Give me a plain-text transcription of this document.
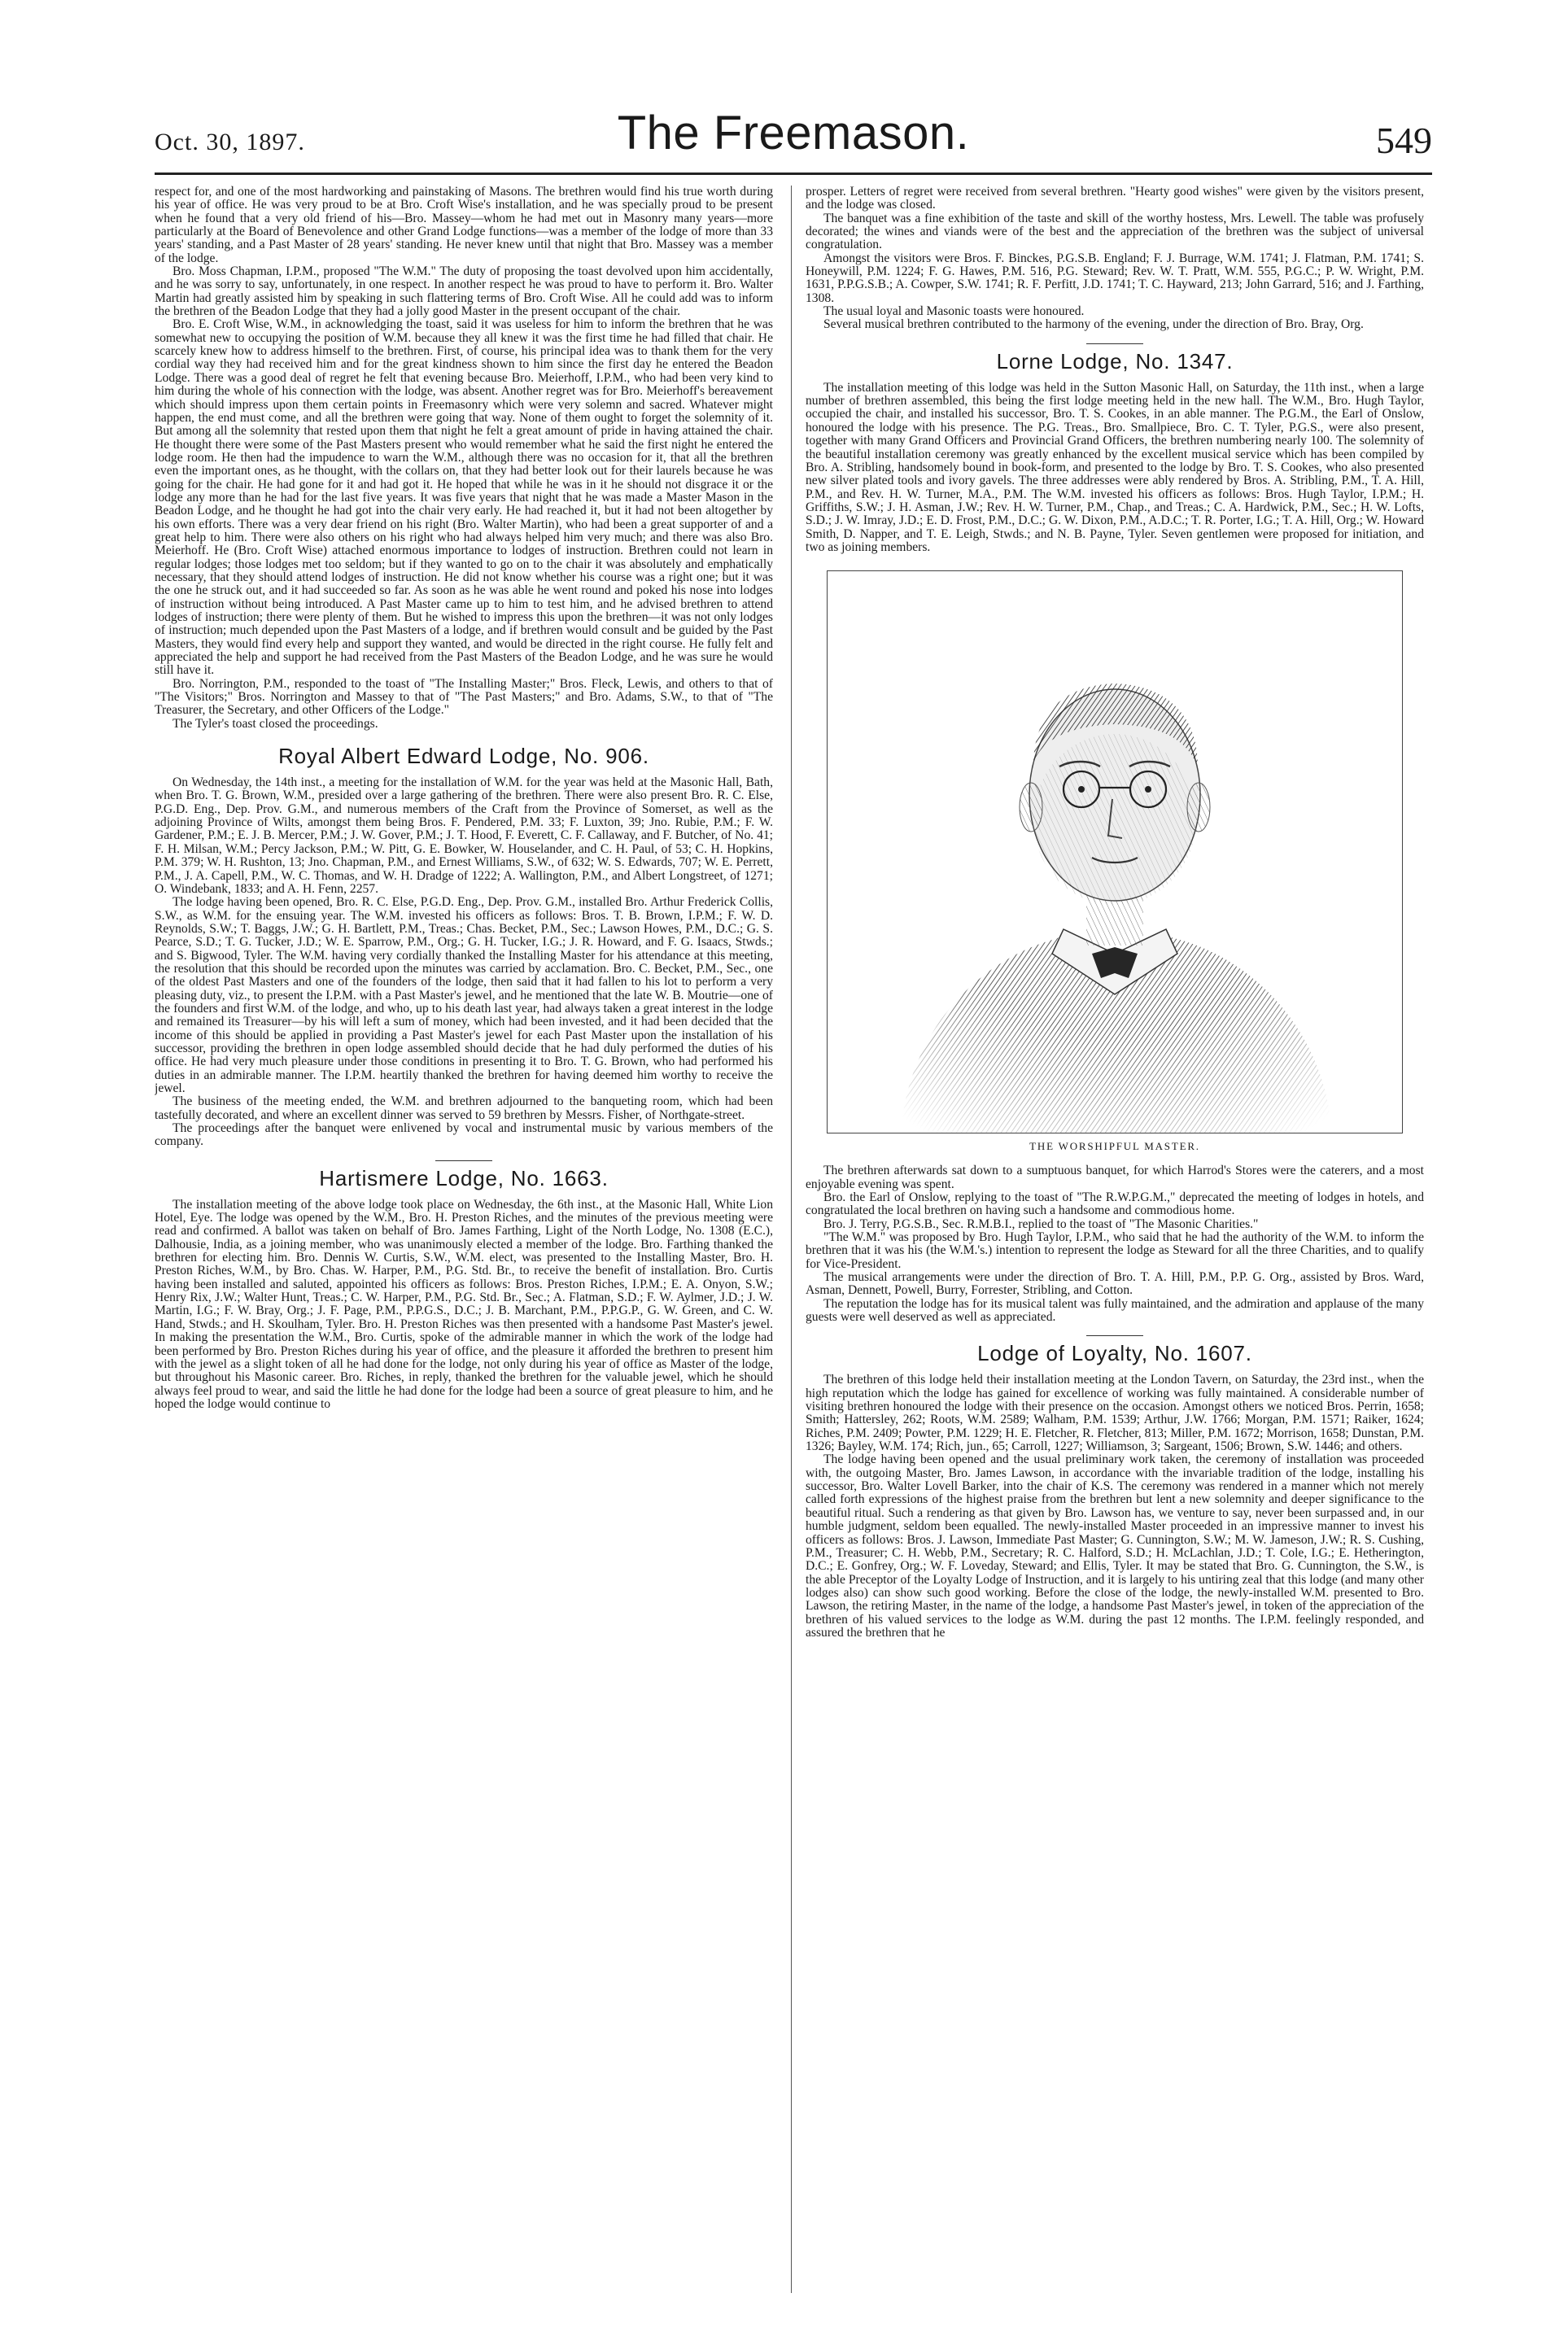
Oct. 30, 1897.	The Freemason.	549

respect for, and one of the most hardworking and painstaking of Masons. The brethren would find his true worth during his year of office. He was very proud to be at Bro. Croft Wise's installation, and he was specially proud to be present when he found that a very old friend of his—Bro. Massey—whom he had met out in Masonry many years—more particularly at the Board of Benevolence and other Grand Lodge functions—was a member of the lodge of more than 33 years' standing, and a Past Master of 28 years' standing. He never knew until that night that Bro. Massey was a member of the lodge.

Bro. Moss Chapman, I.P.M., proposed "The W.M." The duty of proposing the toast devolved upon him accidentally, and he was sorry to say, unfortunately, in one respect. In another respect he was proud to have to perform it. Bro. Walter Martin had greatly assisted him by speaking in such flattering terms of Bro. Croft Wise. All he could add was to inform the brethren of the Beadon Lodge that they had a jolly good Master in the present occupant of the chair.

Bro. E. Croft Wise, W.M., in acknowledging the toast, said it was useless for him to inform the brethren that he was somewhat new to occupying the position of W.M. because they all knew it was the first time he had filled that chair. He scarcely knew how to address himself to the brethren. First, of course, his principal idea was to thank them for the very cordial way they had received him and for the great kindness shown to him since the first day he entered the Beadon Lodge. There was a good deal of regret he felt that evening because Bro. Meierhoff, I.P.M., who had been very kind to him during the whole of his connection with the lodge, was absent. Another regret was for Bro. Meierhoff's bereavement which should impress upon them certain points in Freemasonry which were very solemn and sacred. Whatever might happen, the end must come, and all the brethren were going that way. None of them ought to forget the solemnity of it. But among all the solemnity that rested upon them that night he felt a great amount of pride in having attained the chair. He thought there were some of the Past Masters present who would remember what he said the first night he entered the lodge room. He then had the impudence to warn the W.M., although there was no occasion for it, that all the brethren even the important ones, as he thought, with the collars on, that they had better look out for their laurels because he was going for the chair. He had gone for it and had got it. He hoped that while he was in it he should not disgrace it or the lodge any more than he had for the last five years. It was five years that night that he was made a Master Mason in the Beadon Lodge, and he thought he had got into the chair very early. He had reached it, but it had not been altogether by his own efforts. There was a very dear friend on his right (Bro. Walter Martin), who had been a great supporter of and a great help to him. There were also others on his right who had always helped him very much; and there was also Bro. Meierhoff. He (Bro. Croft Wise) attached enormous importance to lodges of instruction. Brethren could not learn in regular lodges; those lodges met too seldom; but if they wanted to go on to the chair it was absolutely and emphatically necessary, that they should attend lodges of instruction. He did not know whether his course was a right one; but it was the one he struck out, and it had succeeded so far. As soon as he was able he went round and poked his nose into lodges of instruction without being introduced. A Past Master came up to him to test him, and he advised brethren to attend lodges of instruction; there were plenty of them. But he wished to impress this upon the brethren—it was not only lodges of instruction; much depended upon the Past Masters of a lodge, and if brethren would consult and be guided by the Past Masters, they would find every help and support they wanted, and would be directed in the right course. He fully felt and appreciated the help and support he had received from the Past Masters of the Beadon Lodge, and he was sure he would still have it.

Bro. Norrington, P.M., responded to the toast of "The Installing Master;" Bros. Fleck, Lewis, and others to that of "The Visitors;" Bros. Norrington and Massey to that of "The Past Masters;" and Bro. Adams, S.W., to that of "The Treasurer, the Secretary, and other Officers of the Lodge."

The Tyler's toast closed the proceedings.

Royal Albert Edward Lodge, No. 906.

On Wednesday, the 14th inst., a meeting for the installation of W.M. for the year was held at the Masonic Hall, Bath, when Bro. T. G. Brown, W.M., presided over a large gathering of the brethren. There were also present Bro. R. C. Else, P.G.D. Eng., Dep. Prov. G.M., and numerous members of the Craft from the Province of Somerset, as well as the adjoining Province of Wilts, amongst them being Bros. F. Pendered, P.M. 33; F. Luxton, 39; Jno. Rubie, P.M.; F. W. Gardener, P.M.; E. J. B. Mercer, P.M.; J. W. Gover, P.M.; J. T. Hood, F. Everett, C. F. Callaway, and F. Butcher, of No. 41; F. H. Milsan, W.M.; Percy Jackson, P.M.; W. Pitt, G. E. Bowker, W. Houselander, and C. H. Paul, of 53; C. H. Hopkins, P.M. 379; W. H. Rushton, 13; Jno. Chapman, P.M., and Ernest Williams, S.W., of 632; W. S. Edwards, 707; W. E. Perrett, P.M., J. A. Capell, P.M., W. C. Thomas, and W. H. Dradge of 1222; A. Wallington, P.M., and Albert Longstreet, of 1271; O. Windebank, 1833; and A. H. Fenn, 2257.

The lodge having been opened, Bro. R. C. Else, P.G.D. Eng., Dep. Prov. G.M., installed Bro. Arthur Frederick Collis, S.W., as W.M. for the ensuing year. The W.M. invested his officers as follows: Bros. T. B. Brown, I.P.M.; F. W. D. Reynolds, S.W.; T. Baggs, J.W.; G. H. Bartlett, P.M., Treas.; Chas. Becket, P.M., Sec.; Lawson Howes, P.M., D.C.; G. S. Pearce, S.D.; T. G. Tucker, J.D.; W. E. Sparrow, P.M., Org.; G. H. Tucker, I.G.; J. R. Howard, and F. G. Isaacs, Stwds.; and S. Bigwood, Tyler. The W.M. having very cordially thanked the Installing Master for his attendance at this meeting, the resolution that this should be recorded upon the minutes was carried by acclamation. Bro. C. Becket, P.M., Sec., one of the oldest Past Masters and one of the founders of the lodge, then said that it had fallen to his lot to perform a very pleasing duty, viz., to present the I.P.M. with a Past Master's jewel, and he mentioned that the late W. B. Moutrie—one of the founders and first W.M. of the lodge, and who, up to his death last year, had always taken a great interest in the lodge and remained its Treasurer—by his will left a sum of money, which had been invested, and it had been decided that the income of this should be applied in providing a Past Master's jewel for each Past Master upon the installation of his successor, providing the brethren in open lodge assembled should decide that he had duly performed the duties of his office. He had very much pleasure under those conditions in presenting it to Bro. T. G. Brown, who had performed his duties in an admirable manner. The I.P.M. heartily thanked the brethren for having deemed him worthy to receive the jewel.

The business of the meeting ended, the W.M. and brethren adjourned to the banqueting room, which had been tastefully decorated, and where an excellent dinner was served to 59 brethren by Messrs. Fisher, of Northgate-street.

The proceedings after the banquet were enlivened by vocal and instrumental music by various members of the company.

Hartismere Lodge, No. 1663.

The installation meeting of the above lodge took place on Wednesday, the 6th inst., at the Masonic Hall, White Lion Hotel, Eye. The lodge was opened by the W.M., Bro. H. Preston Riches, and the minutes of the previous meeting were read and confirmed. A ballot was taken on behalf of Bro. James Farthing, Light of the North Lodge, No. 1308 (E.C.), Dalhousie, India, as a joining member, who was unanimously elected a member of the lodge. Bro. Farthing thanked the brethren for electing him. Bro. Dennis W. Curtis, S.W., W.M. elect, was presented to the Installing Master, Bro. H. Preston Riches, W.M., by Bro. Chas. W. Harper, P.M., P.G. Std. Br., to receive the benefit of installation. Bro. Curtis having been installed and saluted, appointed his officers as follows: Bros. Preston Riches, I.P.M.; E. A. Onyon, S.W.; Henry Rix, J.W.; Walter Hunt, Treas.; C. W. Harper, P.M., P.G. Std. Br., Sec.; A. Flatman, S.D.; F. W. Aylmer, J.D.; J. W. Martin, I.G.; F. W. Bray, Org.; J. F. Page, P.M., P.P.G.S., D.C.; J. B. Marchant, P.M., P.P.G.P., G. W. Green, and C. W. Hand, Stwds.; and H. Skoulham, Tyler. Bro. H. Preston Riches was then presented with a handsome Past Master's jewel. In making the presentation the W.M., Bro. Curtis, spoke of the admirable manner in which the work of the lodge had been performed by Bro. Preston Riches during his year of office, and the pleasure it afforded the brethren to present him with the jewel as a slight token of all he had done for the lodge, not only during his year of office as Master of the lodge, but throughout his Masonic career. Bro. Riches, in reply, thanked the brethren for the valuable jewel, which he should always feel proud to wear, and said the little he had done for the lodge had been a source of great pleasure to him, and he hoped the lodge would continue to

prosper. Letters of regret were received from several brethren. "Hearty good wishes" were given by the visitors present, and the lodge was closed.

The banquet was a fine exhibition of the taste and skill of the worthy hostess, Mrs. Lewell. The table was profusely decorated; the wines and viands were of the best and the appreciation of the brethren was the subject of universal congratulation.

Amongst the visitors were Bros. F. Binckes, P.G.S.B. England; F. J. Burrage, W.M. 1741; J. Flatman, P.M. 1741; S. Honeywill, P.M. 1224; F. G. Hawes, P.M. 516, P.G. Steward; Rev. W. T. Pratt, W.M. 555, P.G.C.; P. W. Wright, P.M. 1631, P.P.G.S.B.; A. Cowper, S.W. 1741; R. F. Perfitt, J.D. 1741; T. C. Hayward, 213; John Garrard, 516; and J. Farthing, 1308.

The usual loyal and Masonic toasts were honoured.

Several musical brethren contributed to the harmony of the evening, under the direction of Bro. Bray, Org.

Lorne Lodge, No. 1347.

The installation meeting of this lodge was held in the Sutton Masonic Hall, on Saturday, the 11th inst., when a large number of brethren assembled, this being the first lodge meeting held in the new hall. The W.M., Bro. Hugh Taylor, occupied the chair, and installed his successor, Bro. T. S. Cookes, in an able manner. The P.G.M., the Earl of Onslow, honoured the lodge with his presence. The P.G. Treas., Bro. Smallpiece, Bro. C. T. Tyler, P.G.S., were also present, together with many Grand Officers and Provincial Grand Officers, the brethren numbering nearly 100. The solemnity of the beautiful installation ceremony was greatly enhanced by the excellent musical service which has been compiled by Bro. A. Stribling, handsomely bound in book-form, and presented to the lodge by Bro. T. S. Cookes, who also presented new silver plated tools and ivory gavels. The three addresses were ably rendered by Bros. A. Stribling, P.M., T. A. Hill, P.M., and Rev. H. W. Turner, M.A., P.M. The W.M. invested his officers as follows: Bros. Hugh Taylor, I.P.M.; H. Griffiths, S.W.; J. H. Asman, J.W.; Rev. H. W. Turner, P.M., Chap., and Treas.; C. A. Hardwick, P.M., Sec.; H. W. Lofts, S.D.; J. W. Imray, J.D.; E. D. Frost, P.M., D.C.; G. W. Dixon, P.M., A.D.C.; T. R. Porter, I.G.; T. A. Hill, Org.; W. Howard Smith, D. Napper, and T. E. Leigh, Stwds.; and N. B. Payne, Tyler. Seven gentlemen were proposed for initiation, and two as joining members.

THE WORSHIPFUL MASTER.

The brethren afterwards sat down to a sumptuous banquet, for which Harrod's Stores were the caterers, and a most enjoyable evening was spent.

Bro. the Earl of Onslow, replying to the toast of "The R.W.P.G.M.," deprecated the meeting of lodges in hotels, and congratulated the local brethren on having such a handsome and commodious home.

Bro. J. Terry, P.G.S.B., Sec. R.M.B.I., replied to the toast of "The Masonic Charities."

"The W.M." was proposed by Bro. Hugh Taylor, I.P.M., who said that he had the authority of the W.M. to inform the brethren that it was his (the W.M.'s.) intention to represent the lodge as Steward for all the three Charities, and to qualify for Vice-President.

The musical arrangements were under the direction of Bro. T. A. Hill, P.M., P.P. G. Org., assisted by Bros. Ward, Asman, Dennett, Powell, Burry, Forrester, Stribling, and Cotton.

The reputation the lodge has for its musical talent was fully maintained, and the admiration and applause of the many guests were well deserved as well as appreciated.

Lodge of Loyalty, No. 1607.

The brethren of this lodge held their installation meeting at the London Tavern, on Saturday, the 23rd inst., when the high reputation which the lodge has gained for excellence of working was fully maintained. A considerable number of visiting brethren honoured the lodge with their presence on the occasion. Amongst others we noticed Bros. Perrin, 1658; Smith; Hattersley, 262; Roots, W.M. 2589; Walham, P.M. 1539; Arthur, J.W. 1766; Morgan, P.M. 1571; Raiker, 1624; Riches, P.M. 2409; Powter, P.M. 1229; H. E. Fletcher, R. Fletcher, 813; Miller, P.M. 1672; Morrison, 1658; Dunstan, P.M. 1326; Bayley, W.M. 174; Rich, jun., 65; Carroll, 1227; Williamson, 3; Sargeant, 1506; Brown, S.W. 1446; and others.

The lodge having been opened and the usual preliminary work taken, the ceremony of installation was proceeded with, the outgoing Master, Bro. James Lawson, in accordance with the invariable tradition of the lodge, installing his successor, Bro. Walter Lovell Barker, into the chair of K.S. The ceremony was rendered in a manner which not merely called forth expressions of the highest praise from the brethren but lent a new solemnity and deeper significance to the beautiful ritual. Such a rendering as that given by Bro. Lawson has, we venture to say, never been surpassed and, in our humble judgment, seldom been equalled. The newly-installed Master proceeded in an impressive manner to invest his officers as follows: Bros. J. Lawson, Immediate Past Master; G. Cunnington, S.W.; M. W. Jameson, J.W.; R. S. Cushing, P.M., Treasurer; C. H. Webb, P.M., Secretary; R. C. Halford, S.D.; H. McLachlan, J.D.; T. Cole, I.G.; E. Hetherington, D.C.; E. Gonfrey, Org.; W. F. Loveday, Steward; and Ellis, Tyler. It may be stated that Bro. G. Cunnington, the S.W., is the able Preceptor of the Loyalty Lodge of Instruction, and it is largely to his untiring zeal that this lodge (and many other lodges also) can show such good working. Before the close of the lodge, the newly-installed W.M. presented to Bro. Lawson, the retiring Master, in the name of the lodge, a handsome Past Master's jewel, in token of the appreciation of the brethren of his valued services to the lodge as W.M. during the past 12 months. The I.P.M. feelingly responded, and assured the brethren that he
